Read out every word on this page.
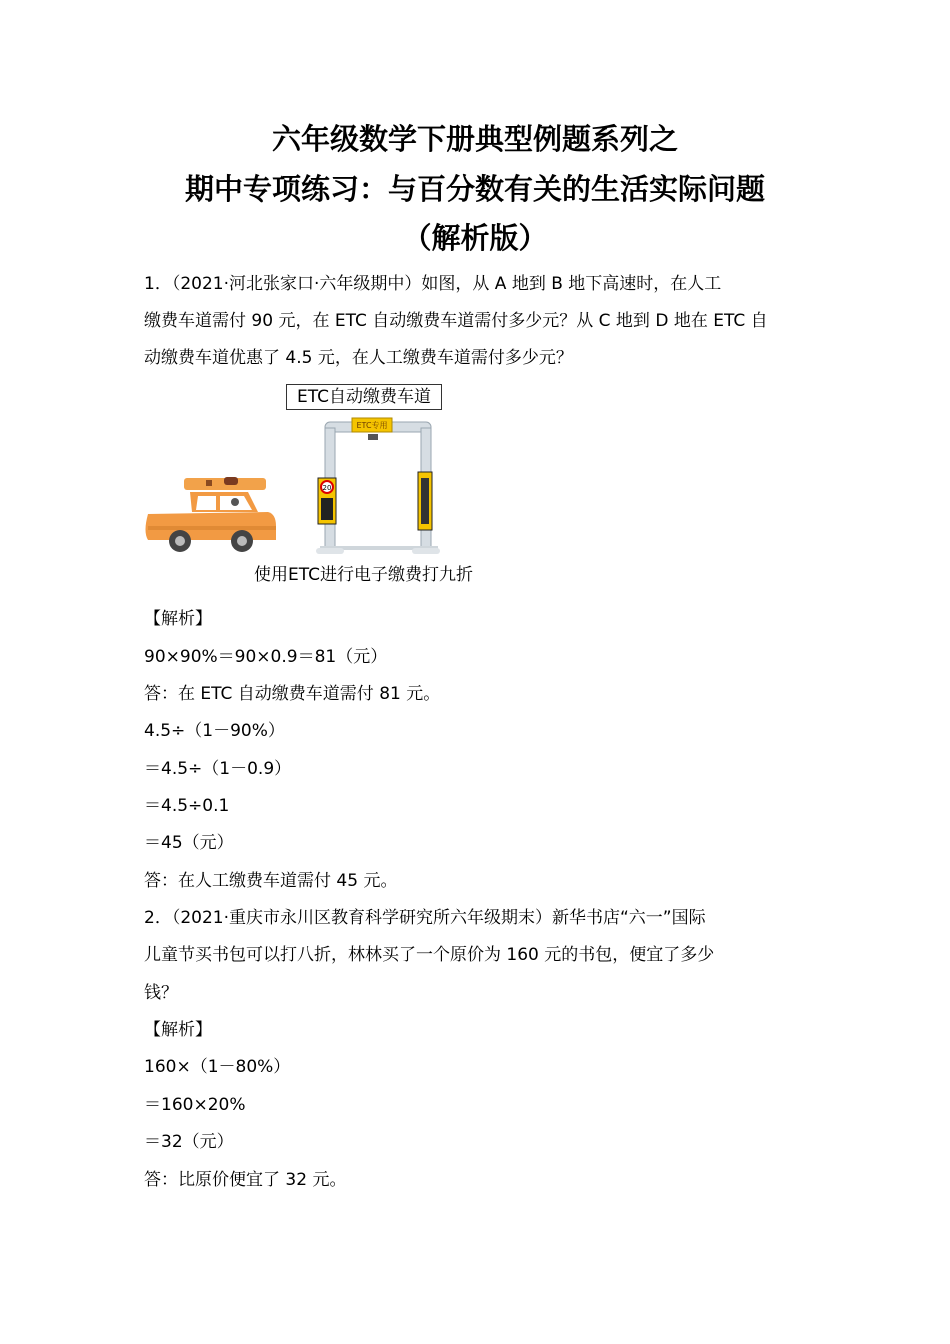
六年级数学下册典型例题系列之
期中专项练习：与百分数有关的生活实际问题
（解析版）
1．（2021·河北张家口·六年级期中）如图，从 A 地到 B 地下高速时，在人工
缴费车道需付 90 元，在 ETC 自动缴费车道需付多少元？从 C 地到 D 地在 ETC 自
动缴费车道优惠了 4.5 元，在人工缴费车道需付多少元？
ETC自动缴费车道
ETC专用
20
使用ETC进行电子缴费打九折
【解析】
90×90%＝90×0.9＝81（元）
答：在 ETC 自动缴费车道需付 81 元。
4.5÷（1－90%）
＝4.5÷（1－0.9）
＝4.5÷0.1
＝45（元）
答：在人工缴费车道需付 45 元。
2．（2021·重庆市永川区教育科学研究所六年级期末）新华书店“六一”国际
儿童节买书包可以打八折，林林买了一个原价为 160 元的书包，便宜了多少
钱？
【解析】
160×（1－80%）
＝160×20%
＝32（元）
答：比原价便宜了 32 元。
